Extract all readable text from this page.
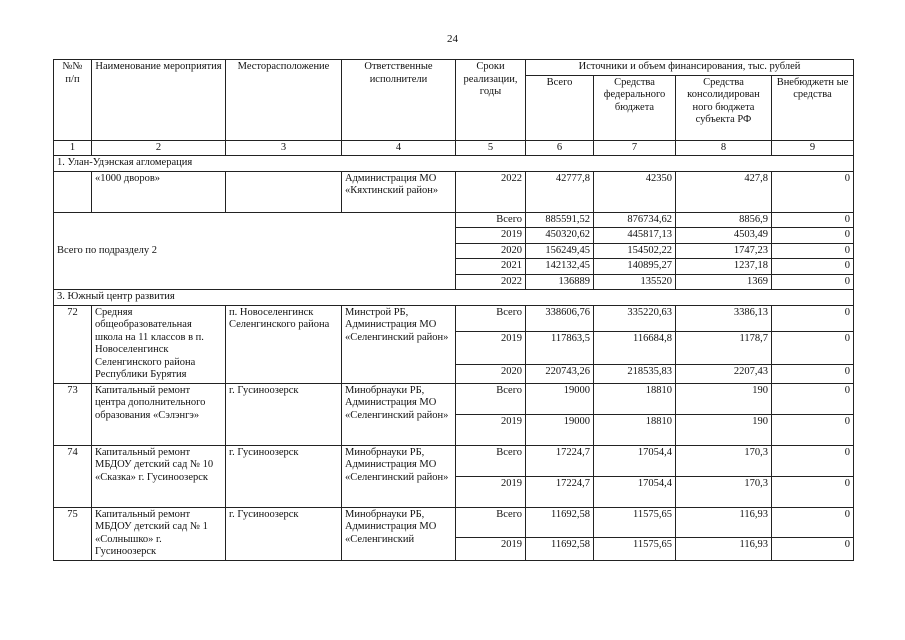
24
№№ п/п	Наименование мероприятия	Месторасположение	Ответственные исполнители	Сроки реализации, годы	Источники и объем финансирования, тыс. рублей			
					Всего	Средства федерального бюджета	Средства консолидирован ного бюджета субъекта РФ	Внебюджетн ые средства
1	2	3	4	5	6	7	8	9
1. Улан-Удэнская агломерация								
	«1000 дворов»		Администрация МО «Кяхтинский район»	2022	42777,8	42350	427,8	0
Всего по подразделу 2				Всего	885591,52	876734,62	8856,9	0
				2019	450320,62	445817,13	4503,49	0
				2020	156249,45	154502,22	1747,23	0
				2021	142132,45	140895,27	1237,18	0
				2022	136889	135520	1369	0
3. Южный центр развития								
72	Средняя общеобразовательная школа на 11 классов в п. Новоселенгинск Селенгинского района Республики Бурятия	п. Новоселенгинск Селенгинского района	Минстрой РБ, Администрация МО «Селенгинский район»	Всего	338606,76	335220,63	3386,13	0
				2019	117863,5	116684,8	1178,7	0
				2020	220743,26	218535,83	2207,43	0
73	Капитальный ремонт центра дополнительного образования «Сэлэнгэ»	г. Гусиноозерск	Минобрнауки РБ, Администрация МО «Селенгинский район»	Всего	19000	18810	190	0
				2019	19000	18810	190	0
74	Капитальный ремонт МБДОУ детский сад № 10 «Сказка» г. Гусиноозерск	г. Гусиноозерск	Минобрнауки РБ, Администрация МО «Селенгинский район»	Всего	17224,7	17054,4	170,3	0
				2019	17224,7	17054,4	170,3	0
75	Капитальный ремонт МБДОУ детский сад № 1 «Солнышко» г. Гусиноозерск	г. Гусиноозерск	Минобрнауки РБ, Администрация МО «Селенгинский	Всего	11692,58	11575,65	116,93	0
				2019	11692,58	11575,65	116,93	0
